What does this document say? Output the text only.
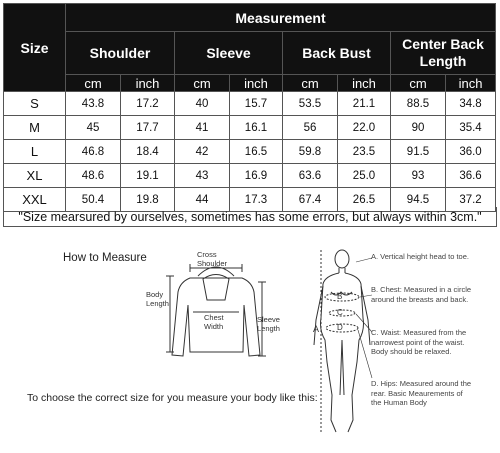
Size	Measurement							
	Shoulder		Sleeve		Back Bust		Center Back Length	
	cm	inch	cm	inch	cm	inch	cm	inch
S	43.8	17.2	40	15.7	53.5	21.1	88.5	34.8
M	45	17.7	41	16.1	56	22.0	90	35.4
L	46.8	18.4	42	16.5	59.8	23.5	91.5	36.0
XL	48.6	19.1	43	16.9	63.6	25.0	93	36.6
XXL	50.4	19.8	44	17.3	67.4	26.5	94.5	37.2
"Size mearsured by ourselves, sometimes has some errors, but always within 3cm."
How to Measure	Cross
Shoulder
Body
Length
Chest
Width
Sleeve
Length
To choose the correct size for you measure your body like this:
A
B
C
D
A. Vertical height head to toe.
B. Chest: Measured in a circle around the breasts and back.
C. Waist: Measured from the narrowest point of the waist. Body should be relaxed.
D. Hips: Measured around the rear. Basic Meaurements of the Human Body
